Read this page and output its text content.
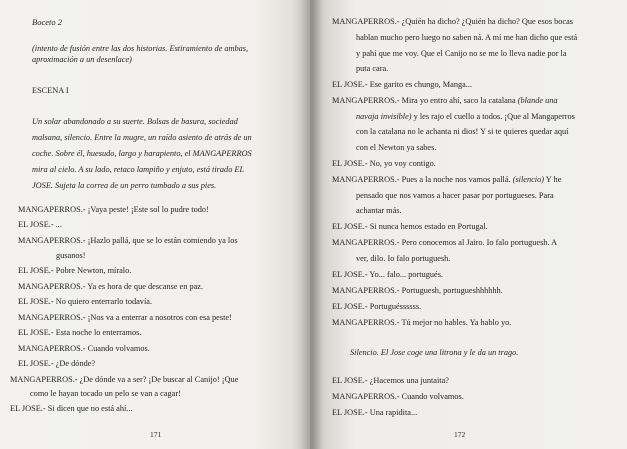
Boceto 2
(intento de fusión entre las dos historias. Estiramiento de ambas,
aproximación a un desenlace)
ESCENA I
Un solar abandonado a su suerte. Bolsas de basura, sociedad
malsana, silencio. Entre la mugre, un raído asiento de atrás de un
coche. Sobre él, huesudo, largo y harapiento, el MANGAPERROS
mira al cielo. A su lado, retaco lampiño y enjuto, está tirado EL
JOSE. Sujeta la correa de un perro tumbado a sus pies.
MANGAPERROS.- ¡Vaya peste! ¡Este sol lo pudre todo!
EL JOSE.- ...
MANGAPERROS.- ¡Hazlo pallá, que se lo están comiendo ya los
gusanos!
EL JOSE.- Pobre Newton, míralo.
MANGAPERROS.- Ya es hora de que descanse en paz.
EL JOSE.- No quiero enterrarlo todavía.
MANGAPERROS.- ¡Nos va a enterrar a nosotros con esa peste!
EL JOSE.- Esta noche lo enterramos.
MANGAPERROS.- Cuando volvamos.
EL JOSE.- ¿De dónde?
MANGAPERROS.- ¿De dónde va a ser? ¡De buscar al Canijo! ¡Que
como le hayan tocado un pelo se van a cagar!
EL JOSE.- Si dicen que no está ahí...
171
MANGAPERROS.- ¿Quién ha dicho? ¿Quién ha dicho? Que esos bocas
hablan mucho pero luego no saben ná. A mí me han dicho que está
y pahí que me voy. Que el Canijo no se me lo lleva nadie por la
puta cara.
EL JOSE.- Ese garito es chungo, Manga...
MANGAPERROS.- Mira yo entro ahí, saco la catalana (blande una
navaja invisible) y les rajo el cuello a todos. ¡Que al Mangaperros
con la catalana no le achanta ni dios! Y si te quieres quedar aquí
con el Newton ya sabes.
EL JOSE.- No, yo voy contigo.
MANGAPERROS.- Pues a la noche nos vamos pallá. (silencio) Y he
pensado que nos vamos a hacer pasar por portugueses. Para
achantar más.
EL JOSE.- Si nunca hemos estado en Portugal.
MANGAPERROS.- Pero conocemos al Jairo. Io falo portuguesh. A
ver, dilo. Io falo portuguesh.
EL JOSE.- Yo... falo... portugués.
MANGAPERROS.- Portuguesh, portugueshhhhhh.
EL JOSE.- Portuguéssssss.
MANGAPERROS.- Tú mejor no hables. Ya hablo yo.
Silencio. El Jose coge una litrona y le da un trago.
EL JOSE.- ¿Hacemos una juntaita?
MANGAPERROS.- Cuando volvamos.
EL JOSE.- Una rapidita...
172
